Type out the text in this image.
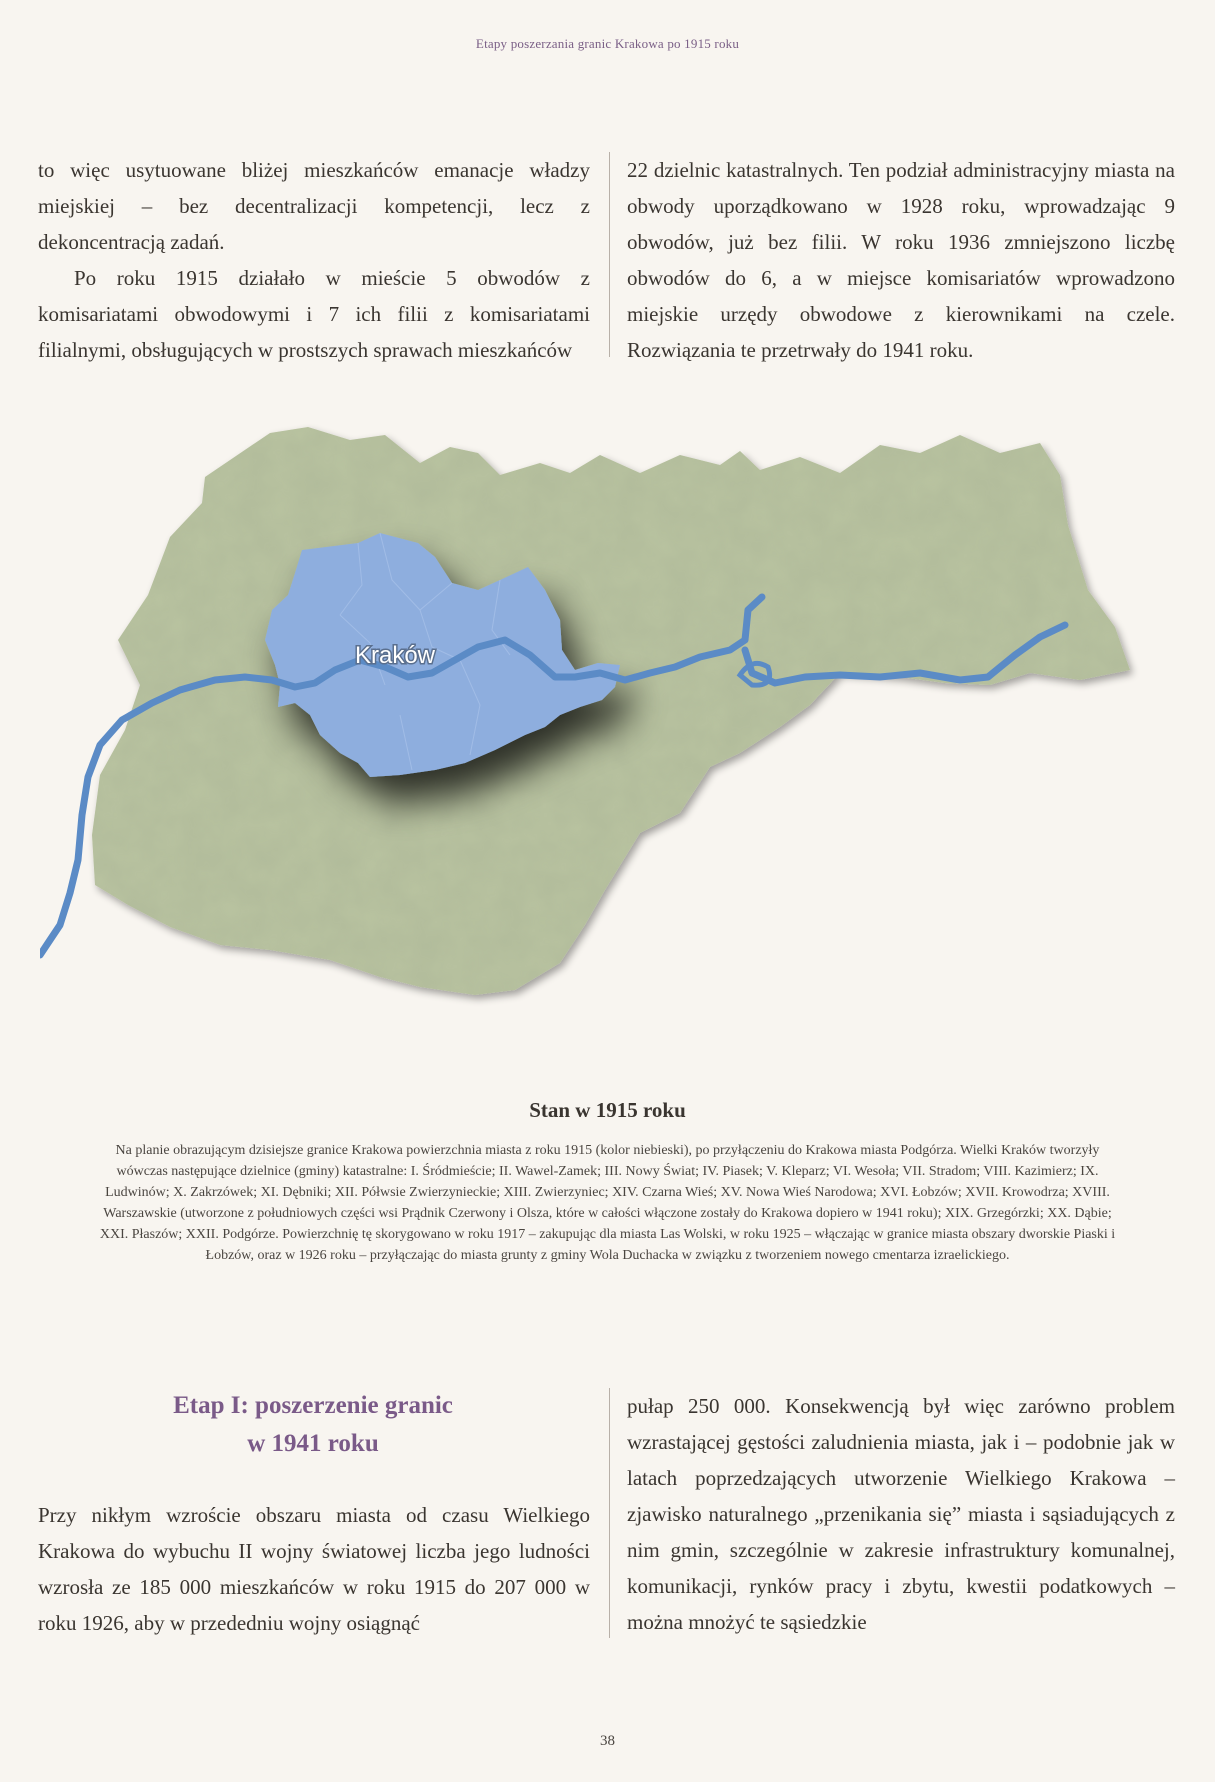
Etapy poszerzania granic Krakowa po 1915 roku

to więc usytuowane bliżej mieszkańców emanacje władzy miejskiej – bez decentralizacji kompetencji, lecz z dekoncentracją zadań.

Po roku 1915 działało w mieście 5 obwodów z komisariatami obwodowymi i 7 ich filii z komisariatami filialnymi, obsługujących w prostszych sprawach mieszkańców

22 dzielnic katastralnych. Ten podział administracyjny miasta na obwody uporządkowano w 1928 roku, wprowadzając 9 obwodów, już bez filii. W roku 1936 zmniejszono liczbę obwodów do 6, a w miejsce komisariatów wprowadzono miejskie urzędy obwodowe z kierownikami na czele. Rozwiązania te przetrwały do 1941 roku.

Kraków
Stan w 1915 roku
Na planie obrazującym dzisiejsze granice Krakowa powierzchnia miasta z roku 1915 (kolor niebieski), po przyłączeniu do Krakowa miasta Podgórza. Wielki Kraków tworzyły wówczas następujące dzielnice (gminy) katastralne: I. Śródmieście; II. Wawel-Zamek; III. Nowy Świat; IV. Piasek; V. Kleparz; VI. Wesoła; VII. Stradom; VIII. Kazimierz; IX. Ludwinów; X. Zakrzówek; XI. Dębniki; XII. Półwsie Zwierzynieckie; XIII. Zwierzyniec; XIV. Czarna Wieś; XV. Nowa Wieś Narodowa; XVI. Łobzów; XVII. Krowodrza; XVIII. Warszawskie (utworzone z południowych części wsi Prądnik Czerwony i Olsza, które w całości włączone zostały do Krakowa dopiero w 1941 roku); XIX. Grzegórzki; XX. Dąbie; XXI. Płaszów; XXII. Podgórze. Powierzchnię tę skorygowano w roku 1917 – zakupując dla miasta Las Wolski, w roku 1925 – włączając w granice miasta obszary dworskie Piaski i Łobzów, oraz w 1926 roku – przyłączając do miasta grunty z gminy Wola Duchacka w związku z tworzeniem nowego cmentarza izraelickiego.
Etap I: poszerzenie granic
w 1941 roku

Przy nikłym wzroście obszaru miasta od czasu Wielkiego Krakowa do wybuchu II wojny światowej liczba jego ludności wzrosła ze 185 000 mieszkańców w roku 1915 do 207 000 w roku 1926, aby w przededniu wojny osiągnąć

pułap 250 000. Konsekwencją był więc zarówno problem wzrastającej gęstości zaludnienia miasta, jak i – podobnie jak w latach poprzedzających utworzenie Wielkiego Krakowa – zjawisko naturalnego „przenikania się” miasta i sąsiadujących z nim gmin, szczególnie w zakresie infrastruktury komunalnej, komunikacji, rynków pracy i zbytu, kwestii podatkowych – można mnożyć te sąsiedzkie

38
